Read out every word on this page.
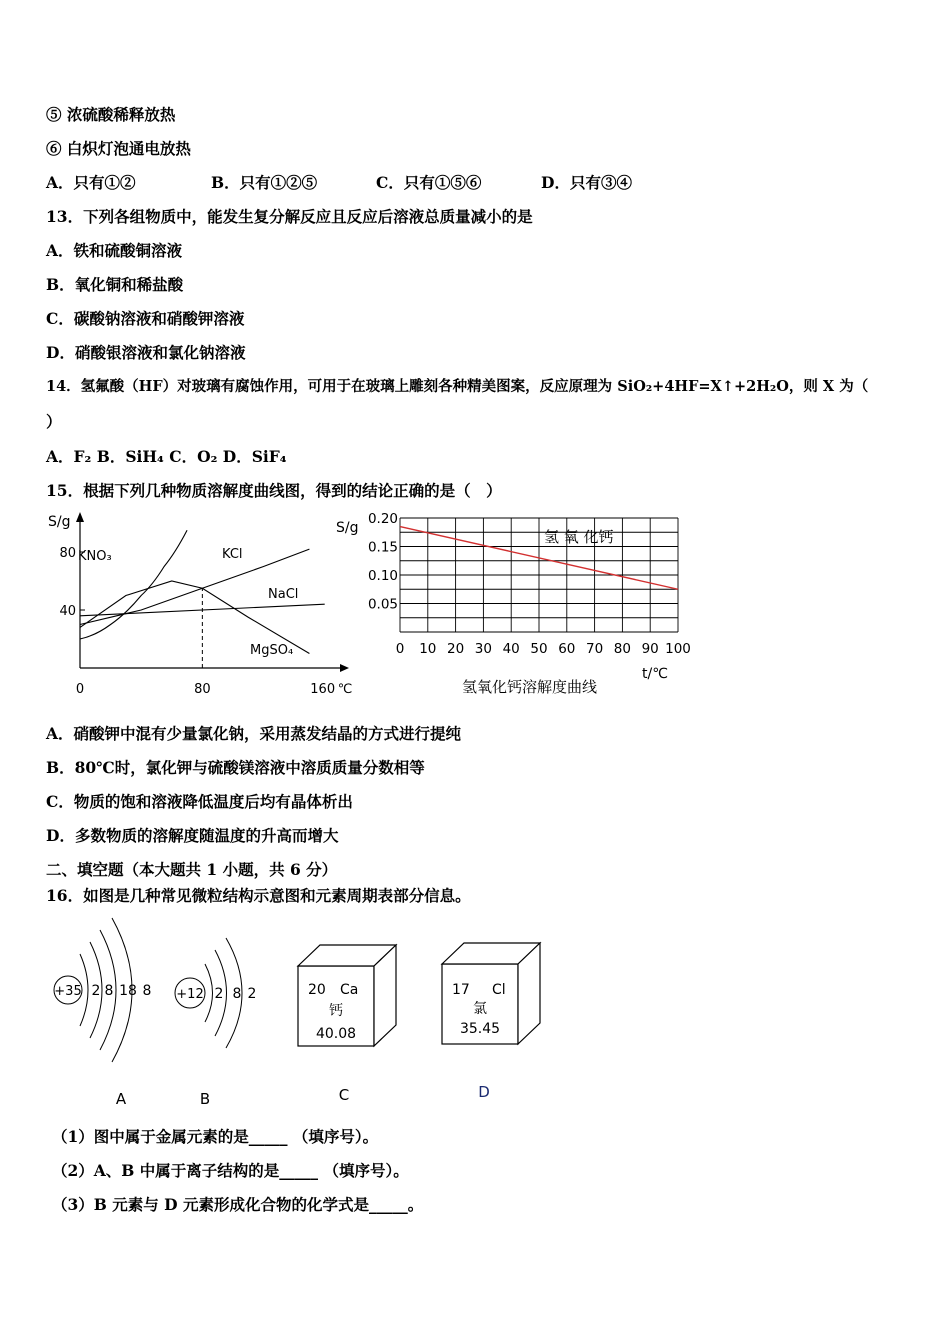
⑤ 浓硫酸稀释放热
⑥ 白炽灯泡通电放热
A．只有①②	B．只有①②⑤	C．只有①⑤⑥	D．只有③④
13．下列各组物质中，能发生复分解反应且反应后溶液总质量减小的是
A．铁和硫酸铜溶液
B．氧化铜和稀盐酸
C．碳酸钠溶液和硝酸钾溶液
D．硝酸银溶液和氯化钠溶液
14．氢氟酸（HF）对玻璃有腐蚀作用，可用于在玻璃上雕刻各种精美图案，反应原理为 SiO₂+4HF=X↑+2H₂O，则 X 为（
）
A．F₂ B．SiH₄ C．O₂ D．SiF₄
15．根据下列几种物质溶解度曲线图，得到的结论正确的是（　）
S/g
40
80
0	80	160 ℃
KNO₃	KCl
NaCl
MgSO₄
S/g
0.05
0.10
0.15
0.20
0 10 20 30 40 50 60 70 80 90 100
t/℃
氢 氧 化钙
氢氧化钙溶解度曲线
A．硝酸钾中混有少量氯化钠，采用蒸发结晶的方式进行提纯
B．80℃时，氯化钾与硫酸镁溶液中溶质质量分数相等
C．物质的饱和溶液降低温度后均有晶体析出
D．多数物质的溶解度随温度的升高而增大
二、填空题（本大题共 1 小题，共 6 分）
16．如图是几种常见微粒结构示意图和元素周期表部分信息。
+35 2 8 18 8
A
+12 2 8 2
B
20 Ca
钙
40.08
C
17 Cl
氯
35.45
D
（1）图中属于金属元素的是_____ （填序号）。
（2）A、B 中属于离子结构的是_____ （填序号）。
（3）B 元素与 D 元素形成化合物的化学式是_____。
